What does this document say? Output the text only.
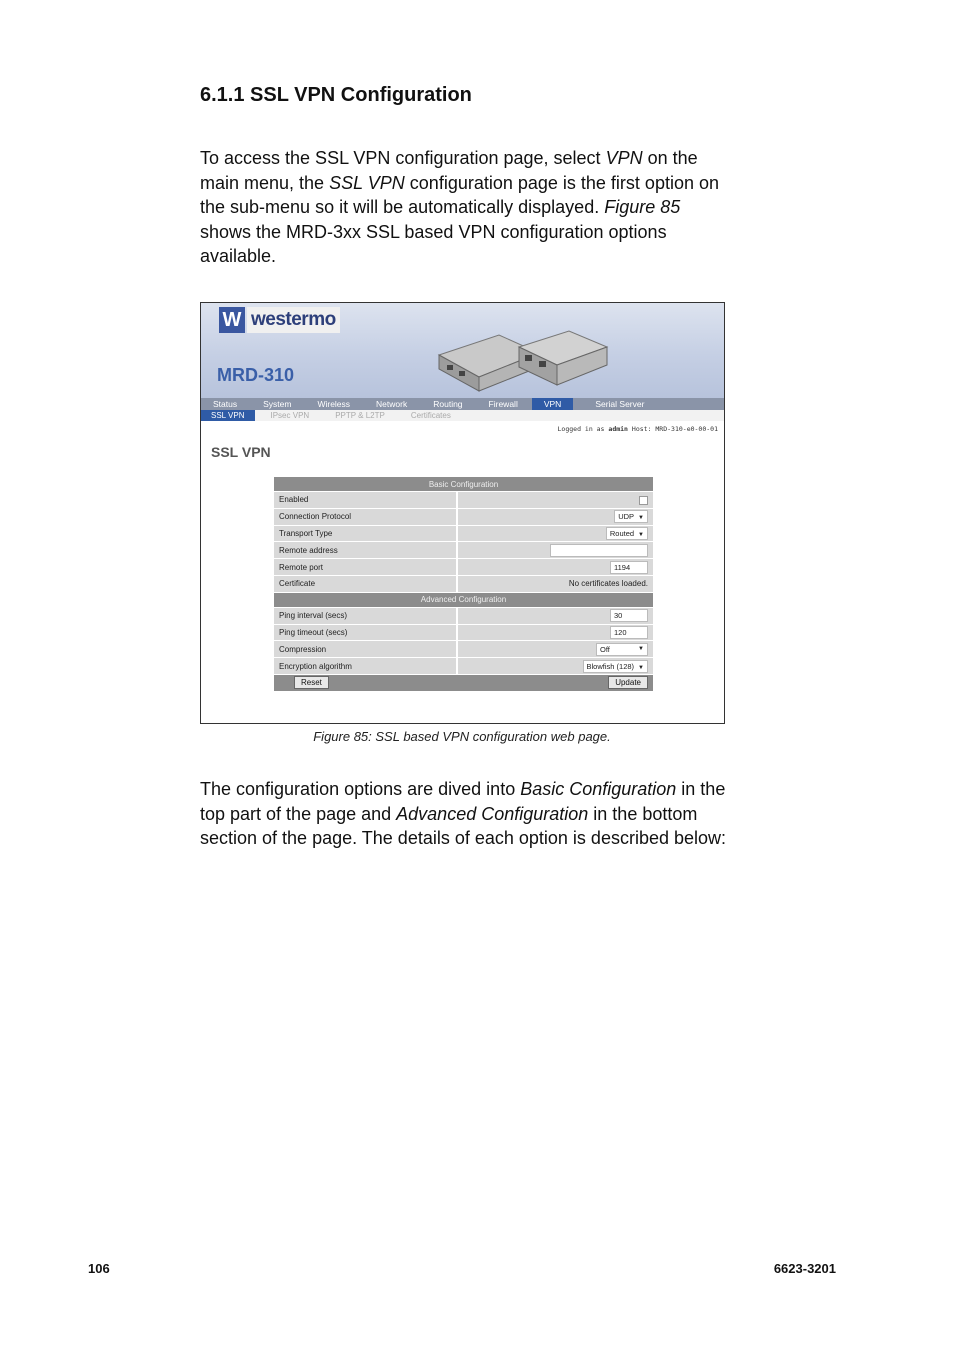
6.1.1 SSL VPN Configuration

To access the SSL VPN configuration page, select VPN on the main menu, the SSL VPN configuration page is the first option on the sub-menu so it will be automatically displayed. Figure 85 shows the MRD-3xx SSL based VPN configuration options available.

W westermo
MRD-310
Status	System	Wireless	Network	Routing	Firewall	VPN	Serial Server
SSL VPN	IPsec VPN	PPTP & L2TP	Certificates
Logged in as admin Host: MRD-310-e0-00-01
SSL VPN
Basic Configuration	
Enabled	
Connection Protocol	UDP ▼
Transport Type	Routed ▼
Remote address	
Remote port	1194
Certificate	No certificates loaded.
Advanced Configuration	
Ping interval (secs)	30
Ping timeout (secs)	120
Compression	Off ▼

Encryption algorithm	Blowfish (128) ▼
Reset	Update
Figure 85: SSL based VPN configuration web page.

The configuration options are dived into Basic Configuration in the top part of the page and Advanced Configuration in the bottom section of the page. The details of each option is described below:

106	6623-3201
